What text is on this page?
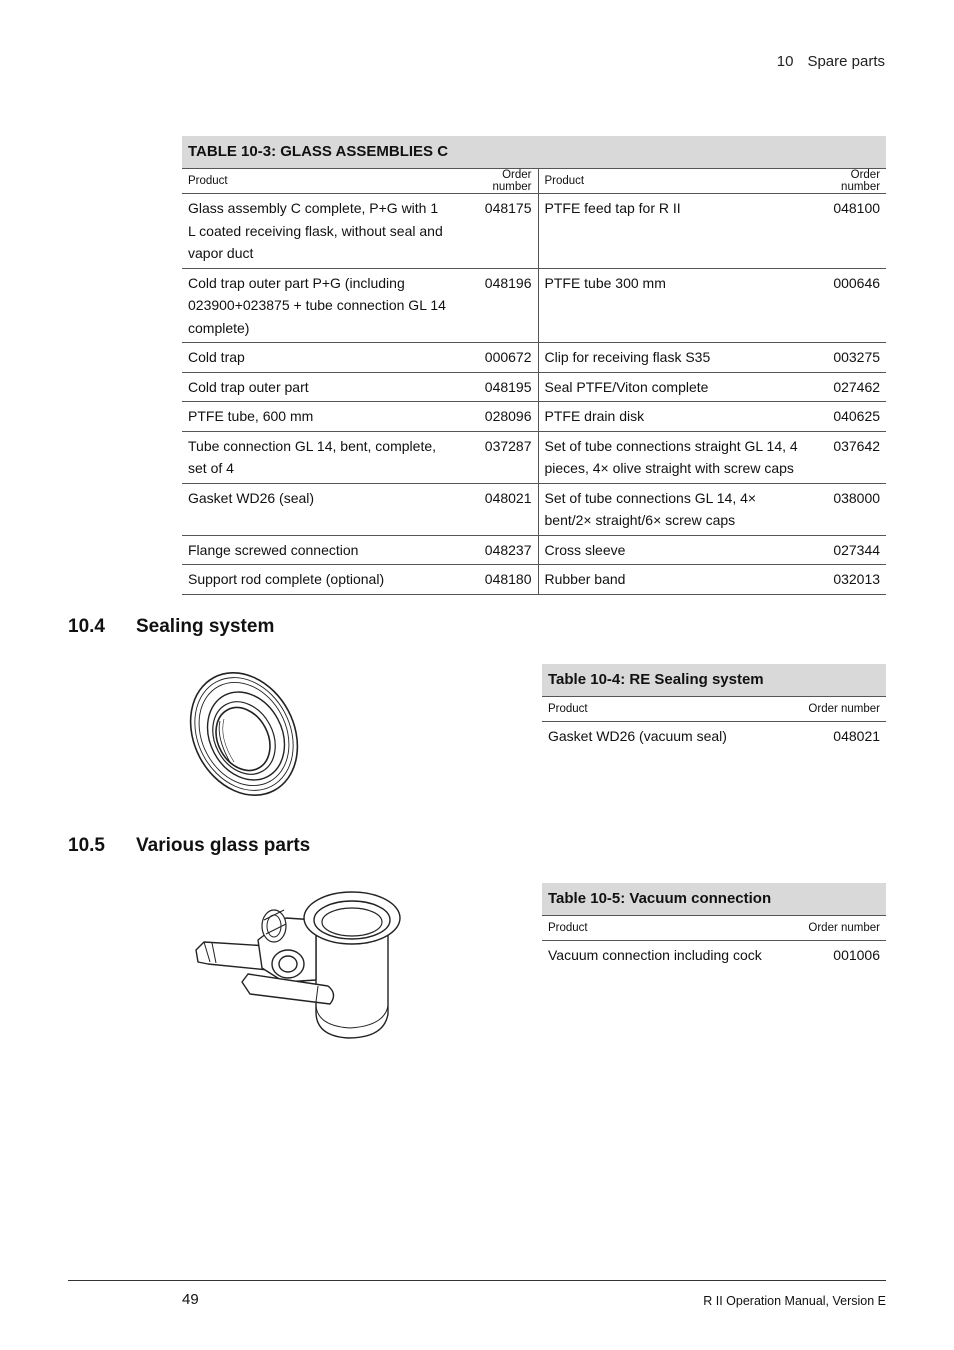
10 Spare parts
TABLE 10-3: GLASS ASSEMBLIES C			
Product	Order number	Product	Order number
Glass assembly C complete, P+G with 1 L coated receiving flask, without seal and vapor duct	048175	PTFE feed tap for R II	048100
Cold trap outer part P+G (including 023900+023875 + tube connection GL 14 complete)	048196	PTFE tube 300 mm	000646
Cold trap	000672	Clip for receiving flask S35	003275
Cold trap outer part	048195	Seal PTFE/Viton complete	027462
PTFE tube, 600 mm	028096	PTFE drain disk	040625
Tube connection GL 14, bent, complete, set of 4	037287	Set of tube connections straight GL 14, 4 pieces, 4× olive straight with screw caps	037642
Gasket WD26 (seal)	048021	Set of tube connections GL 14, 4× bent/2× straight/6× screw caps	038000
Flange screwed connection	048237	Cross sleeve	027344
Support rod complete (optional)	048180	Rubber band	032013
10.4 Sealing system
Table 10-4: RE Sealing system	
Product	Order number
Gasket WD26 (vacuum seal)	048021
10.5 Various glass parts
Table 10-5: Vacuum connection	
Product	Order number
Vacuum connection including cock	001006
49	R II Operation Manual, Version E
